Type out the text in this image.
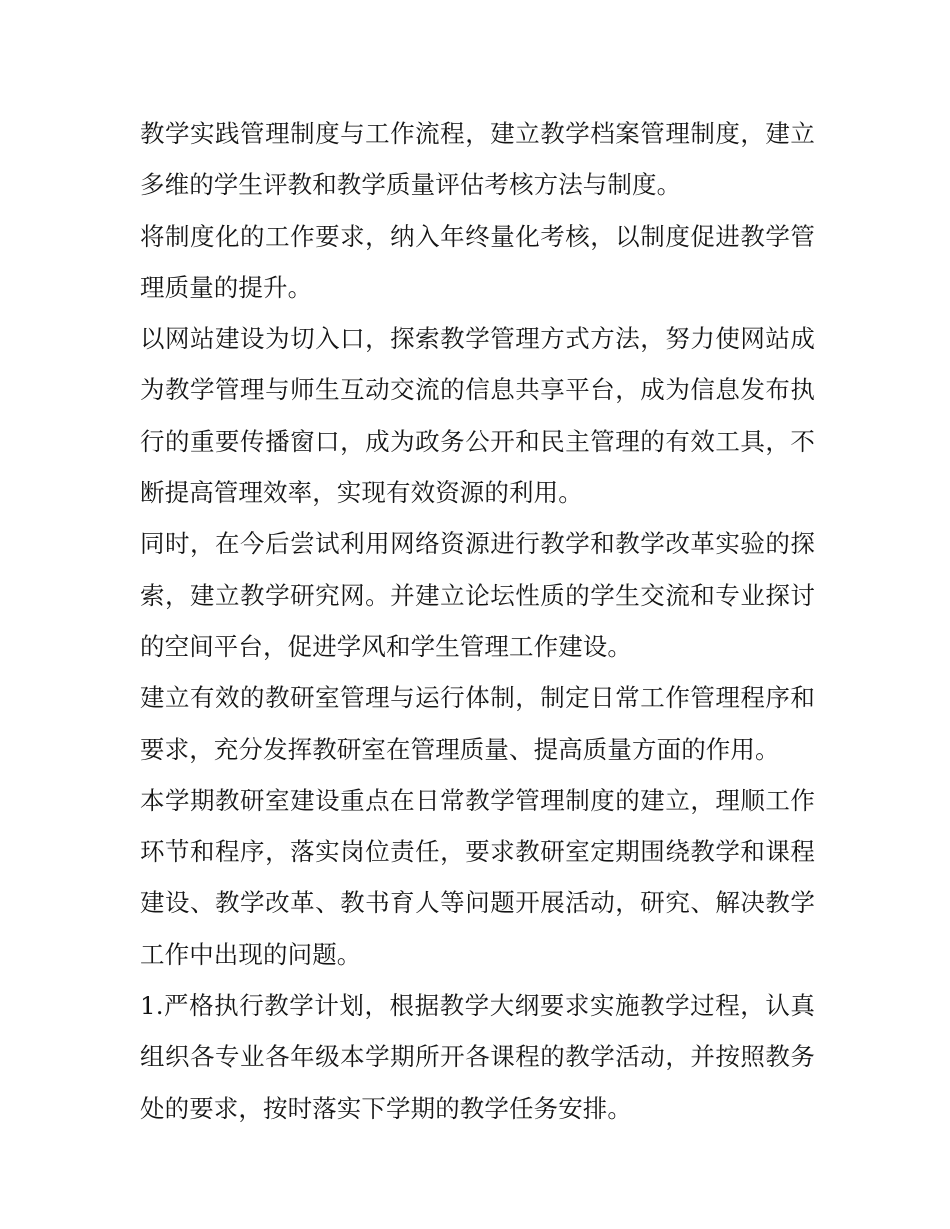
教学实践管理制度与工作流程，建立教学档案管理制度，建立多维的学生评教和教学质量评估考核方法与制度。

将制度化的工作要求，纳入年终量化考核，以制度促进教学管理质量的提升。

以网站建设为切入口，探索教学管理方式方法，努力使网站成为教学管理与师生互动交流的信息共享平台，成为信息发布执行的重要传播窗口，成为政务公开和民主管理的有效工具，不断提高管理效率，实现有效资源的利用。

同时，在今后尝试利用网络资源进行教学和教学改革实验的探索，建立教学研究网。并建立论坛性质的学生交流和专业探讨的空间平台，促进学风和学生管理工作建设。

建立有效的教研室管理与运行体制，制定日常工作管理程序和要求，充分发挥教研室在管理质量、提高质量方面的作用。

本学期教研室建设重点在日常教学管理制度的建立，理顺工作环节和程序，落实岗位责任，要求教研室定期围绕教学和课程建设、教学改革、教书育人等问题开展活动，研究、解决教学工作中出现的问题。

1.严格执行教学计划，根据教学大纲要求实施教学过程，认真组织各专业各年级本学期所开各课程的教学活动，并按照教务处的要求，按时落实下学期的教学任务安排。
